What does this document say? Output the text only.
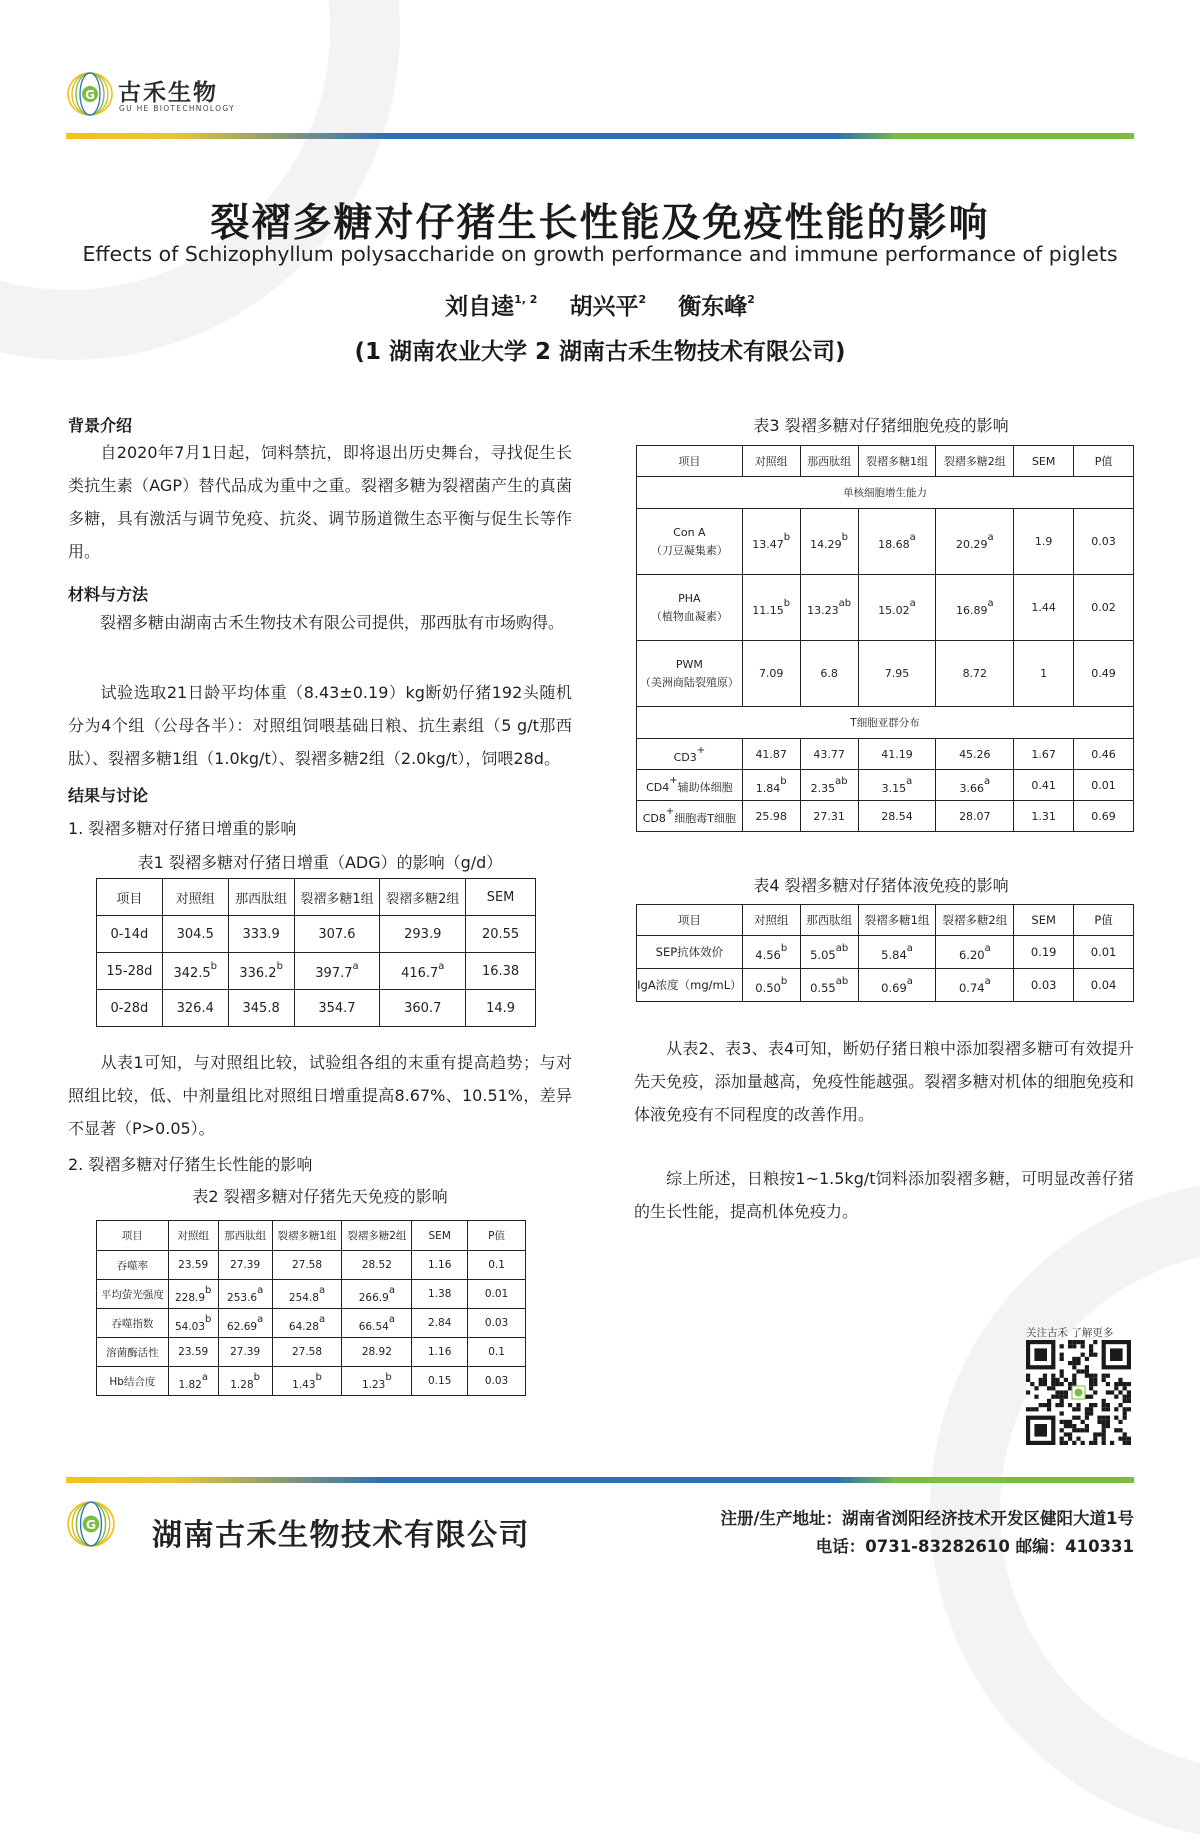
G 古禾生物
GU HE BIOTECHNOLOGY
裂褶多糖对仔猪生长性能及免疫性能的影响
Effects of Schizophyllum polysaccharide on growth performance and immune performance of piglets
刘自逵$^{1, 2}$ 胡兴平$^2$ 衡东峰$^2$
(1 湖南农业大学 2 湖南古禾生物技术有限公司)
背景介绍

自2020年7月1日起，饲料禁抗，即将退出历史舞台，寻找促生长类抗生素（AGP）替代品成为重中之重。裂褶多糖为裂褶菌产生的真菌多糖，具有激活与调节免疫、抗炎、调节肠道微生态平衡与促生长等作用。

材料与方法

裂褶多糖由湖南古禾生物技术有限公司提供，那西肽有市场购得。

试验选取21日龄平均体重（8.43±0.19）kg断奶仔猪192头随机分为4个组（公母各半）：对照组饲喂基础日粮、抗生素组（5 g/t那西肽）、裂褶多糖1组（1.0kg/t）、裂褶多糖2组（2.0kg/t），饲喂28d。

结果与讨论
1. 裂褶多糖对仔猪日增重的影响
表1 裂褶多糖对仔猪日增重（ADG）的影响（g/d）
项目	对照组	那西肽组	裂褶多糖1组	裂褶多糖2组	SEM
0-14d	304.5	333.9	307.6	293.9	20.55
15-28d	342.5$^b$	336.2$^b$	397.7$^a$	416.7$^a$	16.38
0-28d	326.4	345.8	354.7	360.7	14.9

从表1可知，与对照组比较，试验组各组的末重有提高趋势；与对照组比较，低、中剂量组比对照组日增重提高8.67%、10.51%，差异不显著（P>0.05）。

2. 裂褶多糖对仔猪生长性能的影响
表2 裂褶多糖对仔猪先天免疫的影响
项目	对照组	那西肽组	裂褶多糖1组	裂褶多糖2组	SEM	P值
吞噬率	23.59	27.39	27.58	28.52	1.16	0.1
平均萤光强度	228.9$^b$	253.6$^a$	254.8$^a$	266.9$^a$	1.38	0.01
吞噬指数	54.03$^b$	62.69$^a$	64.28$^a$	66.54$^a$	2.84	0.03
溶菌酶活性	23.59	27.39	27.58	28.92	1.16	0.1
Hb结合度	1.82$^a$	1.28$^b$	1.43$^b$	1.23$^b$	0.15	0.03
表3 裂褶多糖对仔猪细胞免疫的影响
项目	对照组	那西肽组	裂褶多糖1组	裂褶多糖2组	SEM	P值
单核细胞增生能力						

Con A
（刀豆凝集素）	13.47$^b$	14.29$^b$	18.68$^a$	20.29$^a$	1.9	0.03

PHA
（植物血凝素）	11.15$^b$	13.23$^{ab}$	15.02$^a$	16.89$^a$	1.44	0.02

PWM
（美洲商陆裂殖原）	7.09	6.8	7.95	8.72	1	0.49
T细胞亚群分布						
CD3+	41.87	43.77	41.19	45.26	1.67	0.46
CD4+辅助体细胞	1.84$^b$	2.35$^{ab}$	3.15$^a$	3.66$^a$	0.41	0.01
CD8+细胞毒T细胞	25.98	27.31	28.54	28.07	1.31	0.69
表4 裂褶多糖对仔猪体液免疫的影响
项目	对照组	那西肽组	裂褶多糖1组	裂褶多糖2组	SEM	P值
SEP抗体效价	4.56$^b$	5.05$^{ab}$	5.84$^a$	6.20$^a$	0.19	0.01
IgA浓度（mg/mL）	0.50$^b$	0.55$^{ab}$	0.69$^a$	0.74$^a$	0.03	0.04

从表2、表3、表4可知，断奶仔猪日粮中添加裂褶多糖可有效提升先天免疫，添加量越高，免疫性能越强。裂褶多糖对机体的细胞免疫和体液免疫有不同程度的改善作用。

综上所述，日粮按1~1.5kg/t饲料添加裂褶多糖，可明显改善仔猪的生长性能，提高机体免疫力。

关注古禾 了解更多
G 湖南古禾生物技术有限公司	注册/生产地址：湖南省浏阳经济技术开发区健阳大道1号
电话：0731-83282610 邮编：410331
